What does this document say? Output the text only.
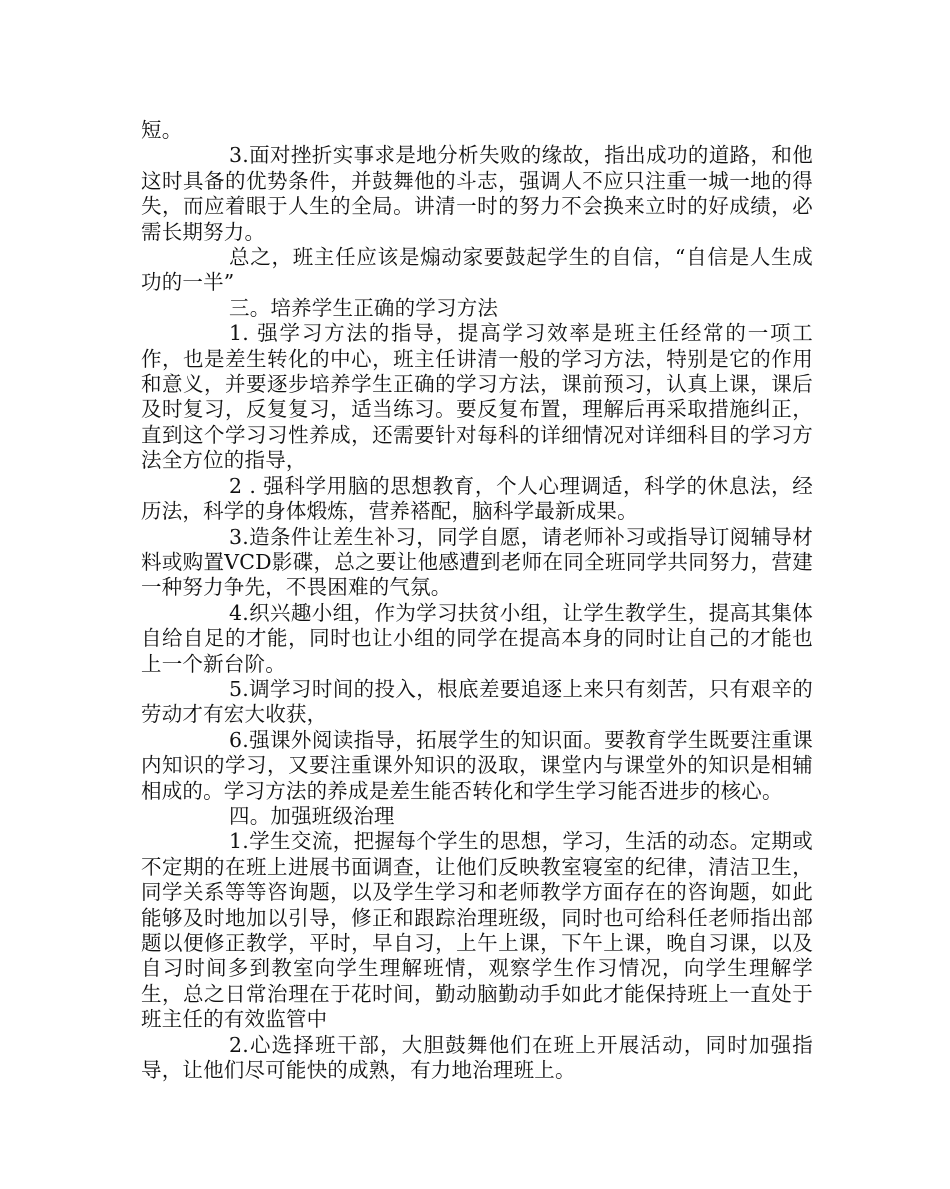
短。

3.面对挫折实事求是地分析失败的缘故，指出成功的道路，和他这时具备的优势条件，并鼓舞他的斗志，强调人不应只注重一城一地的得失，而应着眼于人生的全局。讲清一时的努力不会换来立时的好成绩，必需长期努力。

总之，班主任应该是煽动家要鼓起学生的自信，“自信是人生成功的一半”

三。培养学生正确的学习方法

1. 强学习方法的指导，提高学习效率是班主任经常的一项工作，也是差生转化的中心，班主任讲清一般的学习方法，特别是它的作用和意义，并要逐步培养学生正确的学习方法，课前预习，认真上课，课后及时复习，反复复习，适当练习。要反复布置，理解后再采取措施纠正，直到这个学习习性养成，还需要针对每科的详细情况对详细科目的学习方法全方位的指导，

2 . 强科学用脑的思想教育，个人心理调适，科学的休息法，经历法，科学的身体煅炼，营养褡配，脑科学最新成果。

3.造条件让差生补习，同学自愿，请老师补习或指导订阅辅导材料或购置VCD影碟，总之要让他感遭到老师在同全班同学共同努力，营建一种努力争先，不畏困难的气氛。

4.织兴趣小组，作为学习扶贫小组，让学生教学生，提高其集体自给自足的才能，同时也让小组的同学在提高本身的同时让自己的才能也上一个新台阶。

5.调学习时间的投入，根底差要追逐上来只有刻苦，只有艰辛的劳动才有宏大收获，

6.强课外阅读指导，拓展学生的知识面。要教育学生既要注重课内知识的学习，又要注重课外知识的汲取，课堂内与课堂外的知识是相辅相成的。学习方法的养成是差生能否转化和学生学习能否进步的核心。

四。加强班级治理

1.学生交流，把握每个学生的思想，学习，生活的动态。定期或不定期的在班上进展书面调查，让他们反映教室寝室的纪律，清洁卫生，同学关系等等咨询题，以及学生学习和老师教学方面存在的咨询题，如此能够及时地加以引导，修正和跟踪治理班级，同时也可给科任老师指出部题以便修正教学，平时，早自习，上午上课，下午上课，晚自习课，以及自习时间多到教室向学生理解班情，观察学生作习情况，向学生理解学生，总之日常治理在于花时间，勤动脑勤动手如此才能保持班上一直处于班主任的有效监管中

2.心选择班干部，大胆鼓舞他们在班上开展活动，同时加强指导，让他们尽可能快的成熟，有力地治理班上。
